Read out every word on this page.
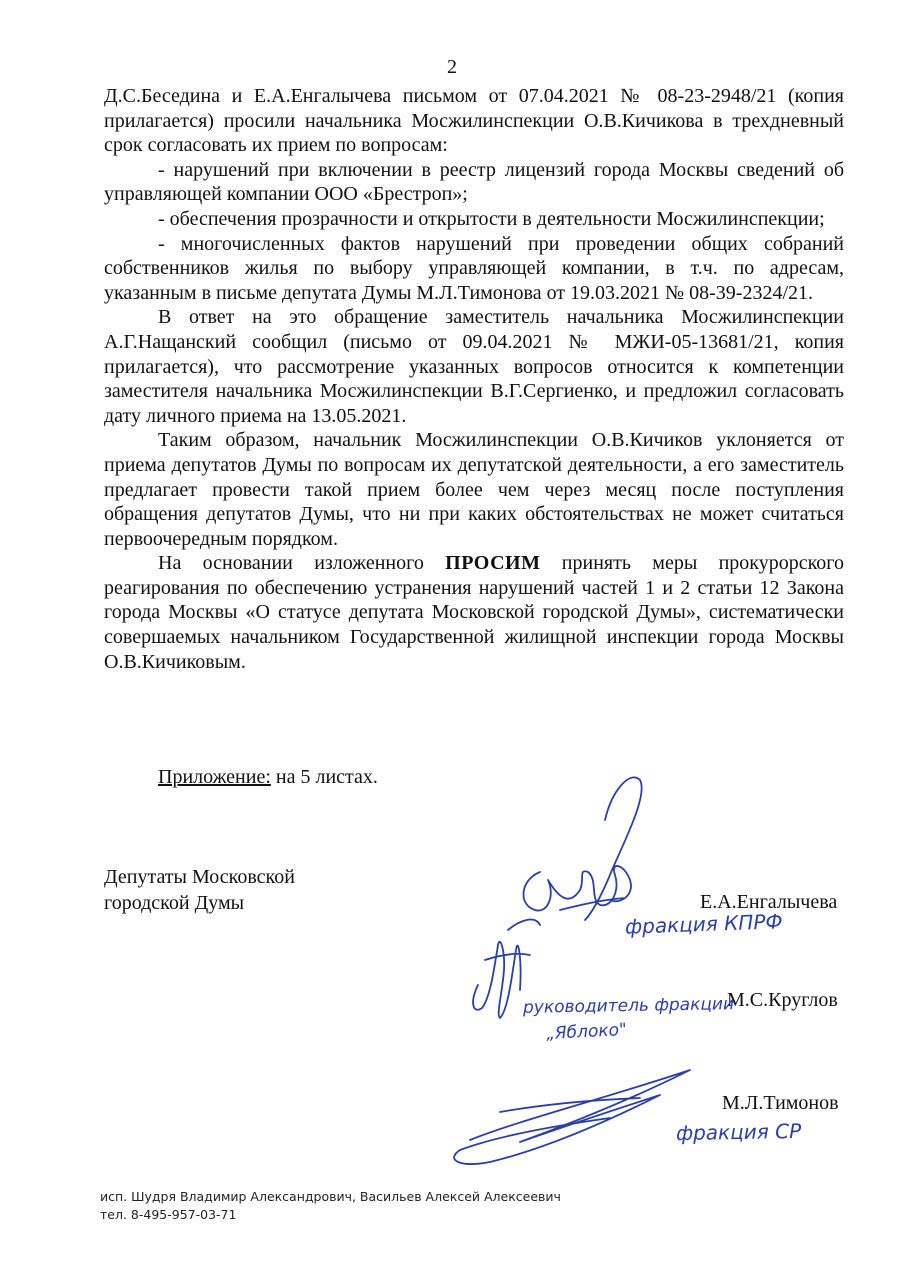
2

Д.С.Беседина и Е.А.Енгалычева письмом от 07.04.2021 № 08-23-2948/21 (копия прилагается) просили начальника Мосжилинспекции О.В.Кичикова в трехдневный срок согласовать их прием по вопросам:

- нарушений при включении в реестр лицензий города Москвы сведений об управляющей компании ООО «Брестроп»;

- обеспечения прозрачности и открытости в деятельности Мосжилинспекции;

- многочисленных фактов нарушений при проведении общих собраний собственников жилья по выбору управляющей компании, в т.ч. по адресам, указанным в письме депутата Думы М.Л.Тимонова от 19.03.2021 № 08-39-2324/21.

В ответ на это обращение заместитель начальника Мосжилинспекции А.Г.Нащанский сообщил (письмо от 09.04.2021 № МЖИ-05-13681/21, копия прилагается), что рассмотрение указанных вопросов относится к компетенции заместителя начальника Мосжилинспекции В.Г.Сергиенко, и предложил согласовать дату личного приема на 13.05.2021.

Таким образом, начальник Мосжилинспекции О.В.Кичиков уклоняется от приема депутатов Думы по вопросам их депутатской деятельности, а его заместитель предлагает провести такой прием более чем через месяц после поступления обращения депутатов Думы, что ни при каких обстоятельствах не может считаться первоочередным порядком.

На основании изложенного ПРОСИМ принять меры прокурорского реагирования по обеспечению устранения нарушений частей 1 и 2 статьи 12 Закона города Москвы «О статусе депутата Московской городской Думы», систематически совершаемых начальником Государственной жилищной инспекции города Москвы О.В.Кичиковым.

Приложение: на 5 листах.
Депутаты Московской
городской Думы	Е.А.Енгалычева
М.С.Круглов
М.Л.Тимонов
фракция КПРФ
руководитель фракции
„Яблоко"
фракция СР
исп. Шудря Владимир Александрович, Васильев Алексей Алексеевич
тел. 8-495-957-03-71
